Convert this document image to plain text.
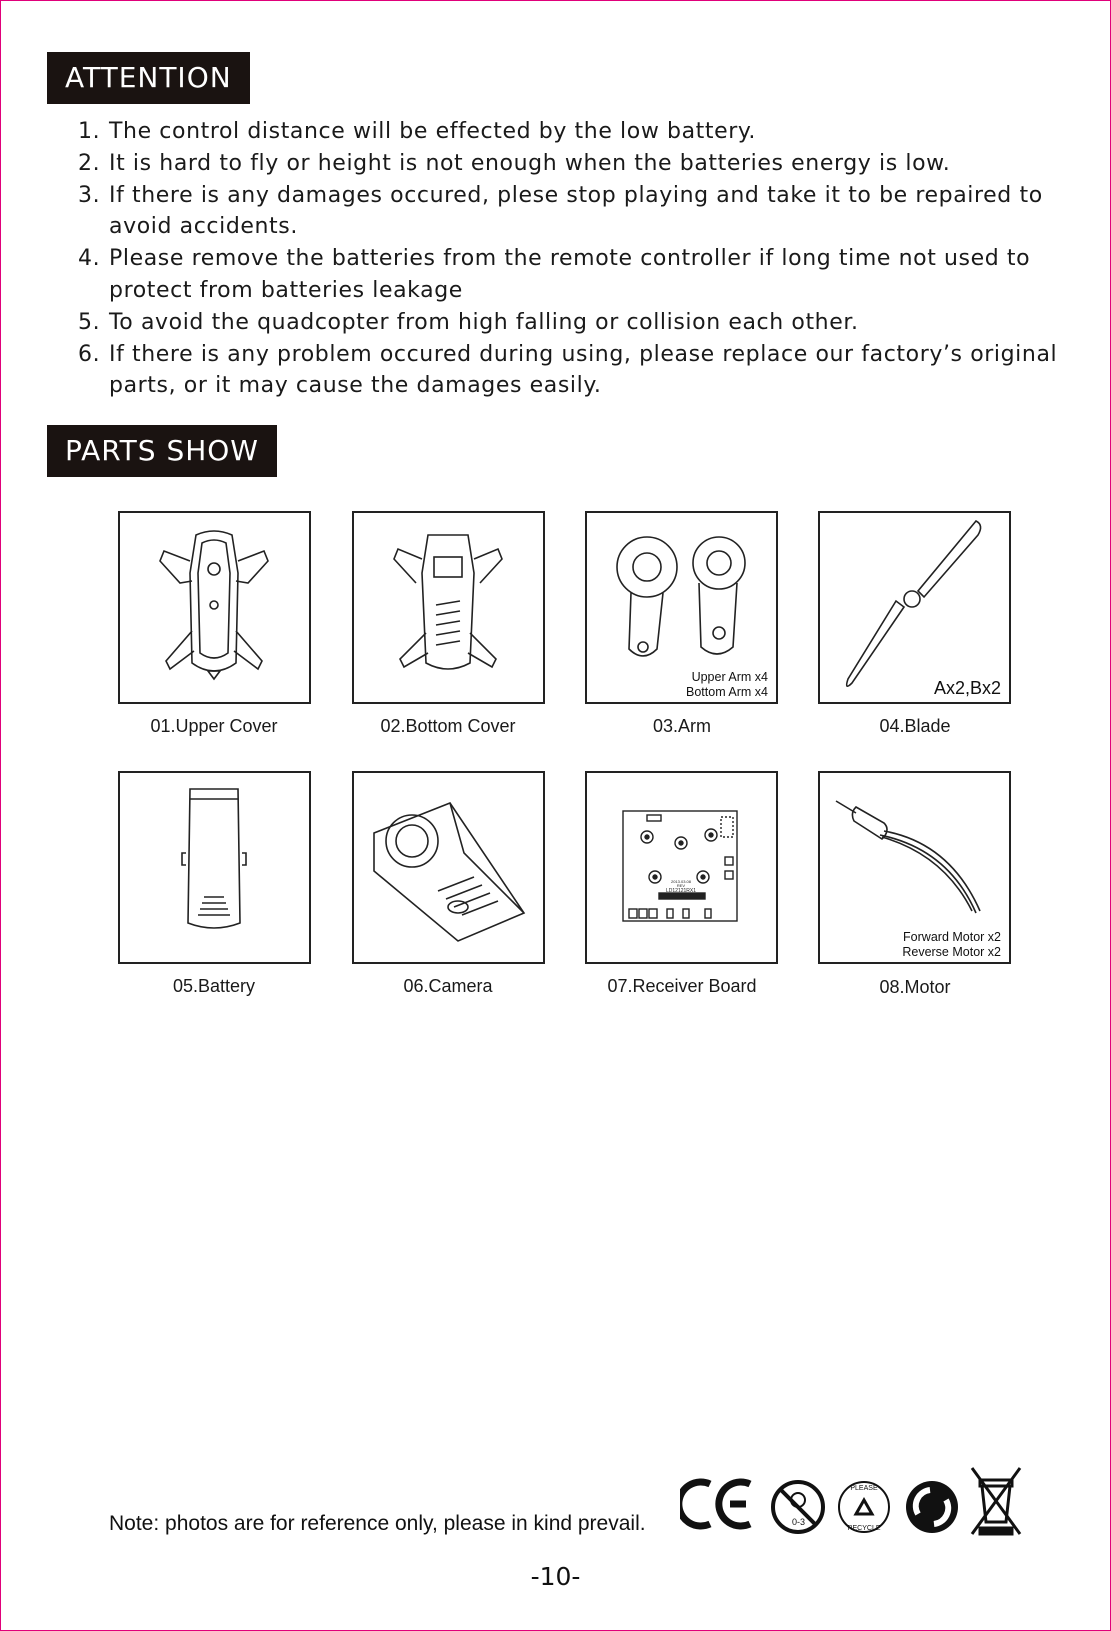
ATTENTION
1. The control distance will be effected by the low battery.
2. It is hard to fly or height is not enough when the batteries energy is low.
3. If there is any damages occured, plese stop playing and take it to be repaired to avoid accidents.
4. Please remove the batteries from the remote controller if long time not used to protect from batteries leakage
5. To avoid the quadcopter from high falling or collision each other.
6. If there is any problem occured during using, please replace our factory’s original parts, or it may cause the damages easily.
PARTS SHOW
01.Upper Cover	02.Bottom Cover
Upper Arm x4
Bottom Arm x4
03.Arm
Ax2,Bx2
04.Blade
05.Battery	06.Camera
2013.03.08
REV
LD12121RX1
07.Receiver Board
Forward Motor x2
Reverse Motor x2
08.Motor
Note: photos are for reference only, please in kind prevail.	0-3
PLEASE
RECYCLE
-10-
